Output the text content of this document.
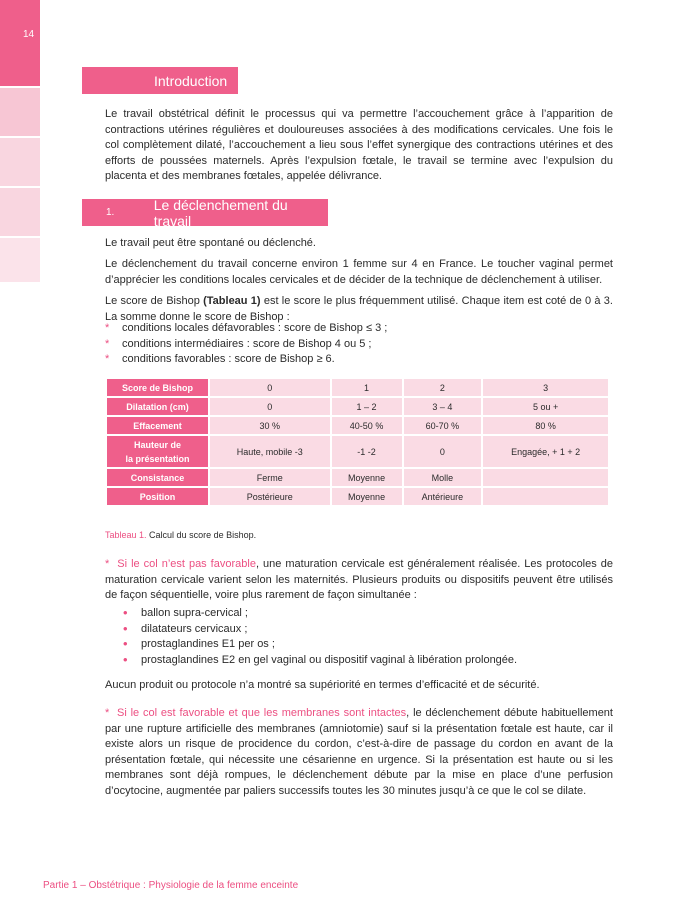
14
Introduction

Le travail obstétrical définit le processus qui va permettre l’accouchement grâce à l’apparition de contractions utérines régulières et douloureuses associées à des modifications cervicales. Une fois le col complètement dilaté, l’accouchement a lieu sous l’effet synergique des contractions utérines et des efforts de poussées maternels. Après l’expulsion fœtale, le travail se termine avec l’expulsion du placenta et des membranes fœtales, appelée délivrance.

1.	Le déclenchement du travail

Le travail peut être spontané ou déclenché.

Le déclenchement du travail concerne environ 1 femme sur 4 en France. Le toucher vaginal permet d’apprécier les conditions locales cervicales et de décider de la technique de déclenchement à utiliser.

Le score de Bishop (Tableau 1) est le score le plus fréquemment utilisé. Chaque item est coté de 0 à 3. La somme donne le score de Bishop :

* conditions locales défavorables : score de Bishop ≤ 3 ;
* conditions intermédiaires : score de Bishop 4 ou 5 ;
* conditions favorables : score de Bishop ≥ 6.
Score de Bishop	0	1	2	3
Dilatation (cm)	0	1 – 2	3 – 4	5 ou +
Effacement	30 %	40-50 %	60-70 %	80 %
Hauteur de
la présentation	Haute, mobile -3	-1 -2	0	Engagée, + 1 + 2
Consistance	Ferme	Moyenne	Molle	
Position	Postérieure	Moyenne	Antérieure	
Tableau 1. Calcul du score de Bishop.

*  Si le col n’est pas favorable, une maturation cervicale est généralement réalisée. Les protocoles de maturation cervicale varient selon les maternités. Plusieurs produits ou dispositifs peuvent être utilisés de façon séquentielle, voire plus rarement de façon simultanée :

• ballon supra-cervical ;
• dilatateurs cervicaux ;
• prostaglandines E1 per os ;
• prostaglandines E2 en gel vaginal ou dispositif vaginal à libération prolongée.

Aucun produit ou protocole n’a montré sa supériorité en termes d’efficacité et de sécurité.

*  Si le col est favorable et que les membranes sont intactes, le déclenchement débute habituellement par une rupture artificielle des membranes (amniotomie) sauf si la présentation fœtale est haute, car il existe alors un risque de procidence du cordon, c’est-à-dire de passage du cordon en avant de la présentation fœtale, qui nécessite une césarienne en urgence. Si la présentation est haute ou si les membranes sont déjà rompues, le déclenchement débute par la mise en place d’une perfusion d’ocytocine, augmentée par paliers successifs toutes les 30 minutes jusqu’à ce que le col se dilate.

Partie 1 – Obstétrique : Physiologie de la femme enceinte
